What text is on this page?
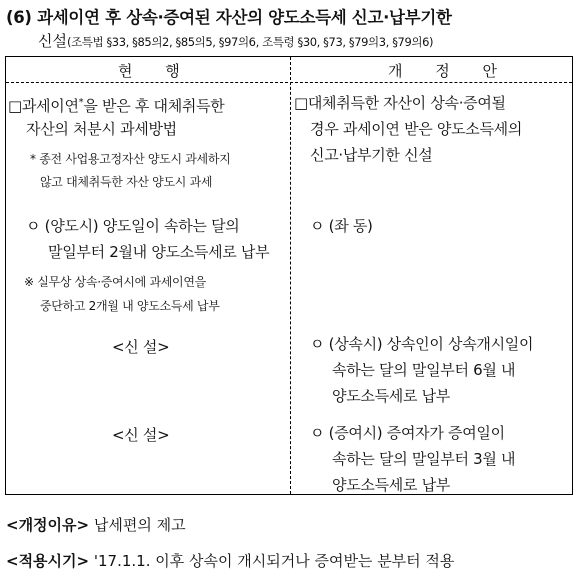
(6) 과세이연 후 상속·증여된 자산의 양도소득세 신고·납부기한
신설(조특법 §33, §85의2, §85의5, §97의6, 조특령 §30, §73, §79의3, §79의6)
현 행	개 정 안
□과세이연*을 받은 후 대체취득한
자산의 처분시 과세방법
* 종전 사업용고정자산 양도시 과세하지
않고 대체취득한 자산 양도시 과세
ㅇ (양도시) 양도일이 속하는 달의
말일부터 2월내 양도소득세로 납부
※ 실무상 상속·증여시에 과세이연을
중단하고 2개월 내 양도소득세 납부
<신 설>
<신 설>
□대체취득한 자산이 상속·증여될
경우 과세이연 받은 양도소득세의
신고·납부기한 신설
ㅇ (좌 동)
ㅇ (상속시) 상속인이 상속개시일이
속하는 달의 말일부터 6월 내
양도소득세로 납부
ㅇ (증여시) 증여자가 증여일이
속하는 달의 말일부터 3월 내
양도소득세로 납부
<개정이유> 납세편의 제고
<적용시기> '17.1.1. 이후 상속이 개시되거나 증여받는 분부터 적용
